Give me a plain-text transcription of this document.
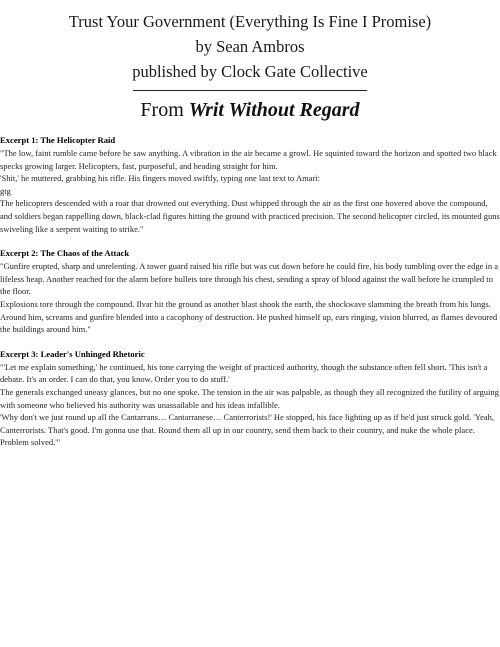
Trust Your Government (Everything Is Fine I Promise)
by Sean Ambros
published by Clock Gate Collective
From Writ Without Regard
Excerpt 1: The Helicopter Raid

"The low, faint rumble came before he saw anything. A vibration in the air became a growl. He squinted toward the horizon and spotted two black specks growing larger. Helicopters, fast, purposeful, and heading straight for him.

'Shit,' he muttered, grabbing his rifle. His fingers moved swiftly, typing one last text to Amari:

gtg

The helicopters descended with a roar that drowned out everything. Dust whipped through the air as the first one hovered above the compound, and soldiers began rappelling down, black-clad figures hitting the ground with practiced precision. The second helicopter circled, its mounted guns swiveling like a serpent waiting to strike."

Excerpt 2: The Chaos of the Attack

"Gunfire erupted, sharp and unrelenting. A tower guard raised his rifle but was cut down before he could fire, his body tumbling over the edge in a lifeless heap. Another reached for the alarm before bullets tore through his chest, sending a spray of blood against the wall before he crumpled to the floor.

Explosions tore through the compound. Ilvar hit the ground as another blast shook the earth, the shockwave slamming the breath from his lungs. Around him, screams and gunfire blended into a cacophony of destruction. He pushed himself up, ears ringing, vision blurred, as flames devoured the buildings around him."

Excerpt 3: Leader's Unhinged Rhetoric

"'Let me explain something,' he continued, his tone carrying the weight of practiced authority, though the substance often fell short. 'This isn't a debate. It's an order. I can do that, you know. Order you to do stuff.'

The generals exchanged uneasy glances, but no one spoke. The tension in the air was palpable, as though they all recognized the futility of arguing with someone who believed his authority was unassailable and his ideas infallible.

'Why don't we just round up all the Cantarrans… Cantarranese… Canterrorists!' He stopped, his face lighting up as if he'd just struck gold. 'Yeah, Canterrorists. That's good. I'm gonna use that. Round them all up in our country, send them back to their country, and nuke the whole place. Problem solved.'"
